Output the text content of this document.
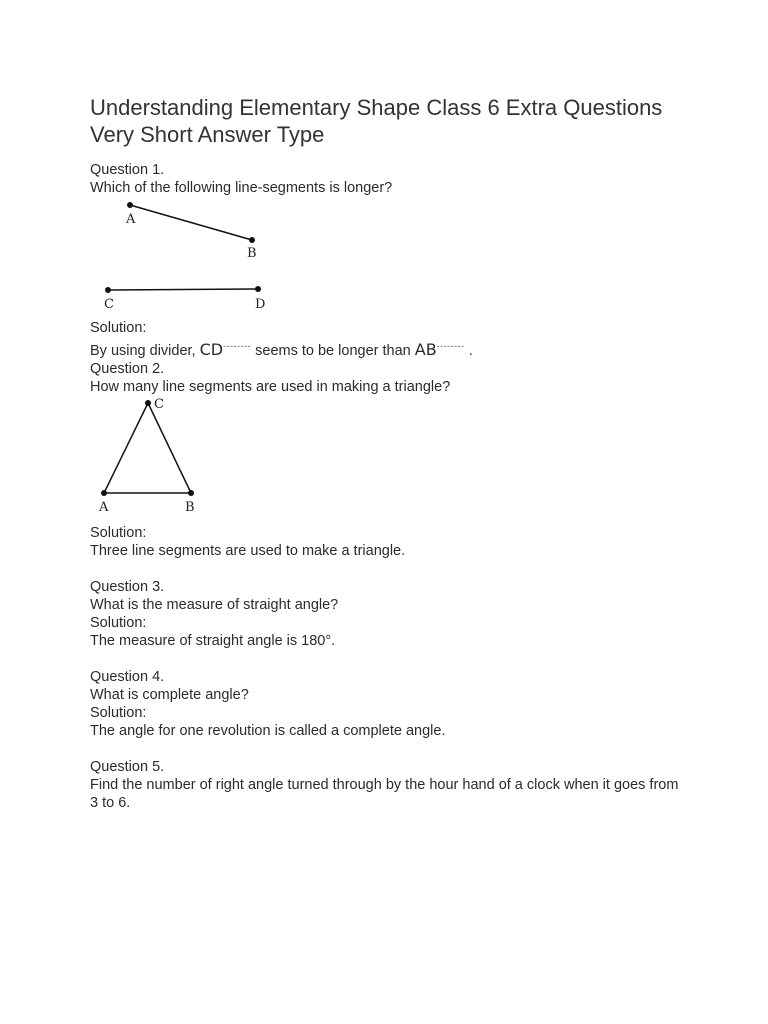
Understanding Elementary Shape Class 6 Extra Questions Very Short Answer Type

Question 1.

Which of the following line-segments is longer?

A
B
C	D

Solution:

By using divider, CD-------- seems to be longer than AB-------- .

Question 2.

How many line segments are used in making a triangle?

C
A	B

Solution:

Three line segments are used to make a triangle.

Question 3.

What is the measure of straight angle?

Solution:

The measure of straight angle is 180°.

Question 4.

What is complete angle?

Solution:

The angle for one revolution is called a complete angle.

Question 5.

Find the number of right angle turned through by the hour hand of a clock when it goes from 3 to 6.
